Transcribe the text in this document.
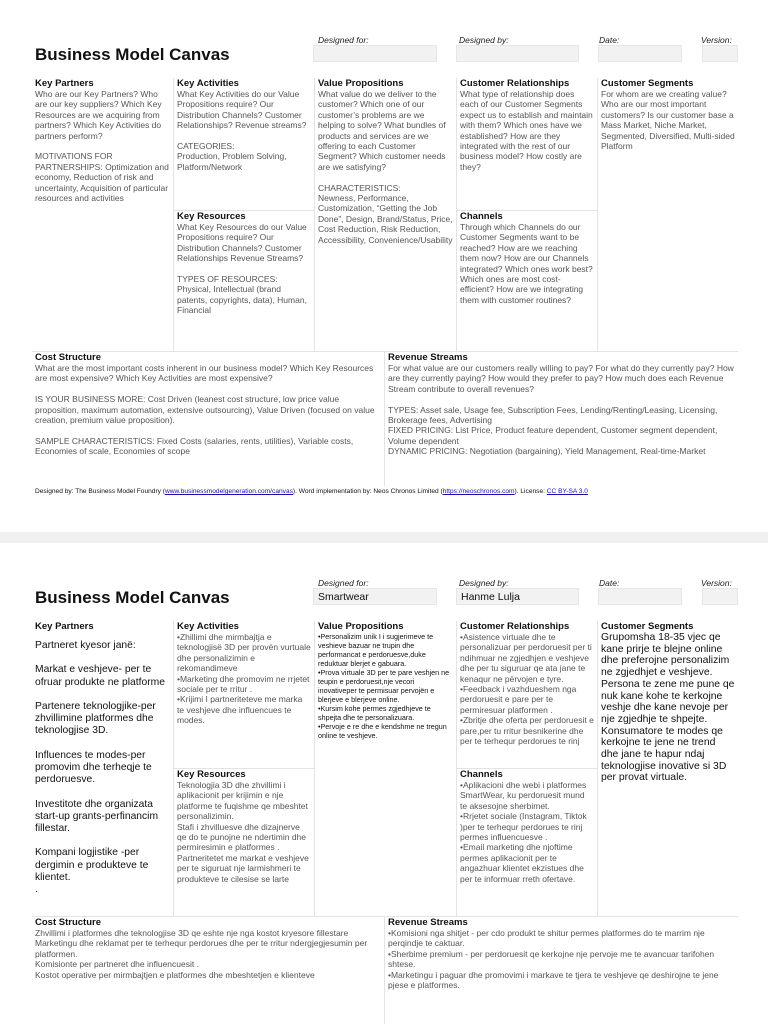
Business Model Canvas
Designed for:	Designed by:	Date:	Version:
Key Partners
Who are our Key Partners? Who are our key suppliers? Which Key Resources are we acquiring from partners? Which Key Activities do partners perform?

MOTIVATIONS FOR PARTNERSHIPS: Optimization and economy, Reduction of risk and uncertainty, Acquisition of particular resources and activities
Key Activities
What Key Activities do our Value Propositions require? Our Distribution Channels? Customer Relationships? Revenue streams?

CATEGORIES:
Production, Problem Solving, Platform/Network
Key Resources
What Key Resources do our Value Propositions require? Our Distribution Channels? Customer Relationships Revenue Streams?

TYPES OF RESOURCES:
Physical, Intellectual (brand patents, copyrights, data), Human, Financial
Value Propositions
What value do we deliver to the customer? Which one of our customer’s problems are we helping to solve? What bundles of products and services are we offering to each Customer Segment? Which customer needs are we satisfying?

CHARACTERISTICS:
Newness, Performance, Customization, “Getting the Job Done”, Design, Brand/Status, Price, Cost Reduction, Risk Reduction, Accessibility, Convenience/Usability
Customer Relationships
What type of relationship does each of our Customer Segments expect us to establish and maintain with them? Which ones have we established? How are they integrated with the rest of our business model? How costly are they?
Channels
Through which Channels do our Customer Segments want to be reached? How are we reaching them now? How are our Channels integrated? Which ones work best? Which ones are most cost-efficient? How are we integrating them with customer routines?
Customer Segments
For whom are we creating value? Who are our most important customers? Is our customer base a Mass Market, Niche Market, Segmented, Diversified, Multi-sided Platform
Cost Structure
What are the most important costs inherent in our business model? Which Key Resources are most expensive? Which Key Activities are most expensive?

IS YOUR BUSINESS MORE: Cost Driven (leanest cost structure, low price value proposition, maximum automation, extensive outsourcing), Value Driven (focused on value creation, premium value proposition).

SAMPLE CHARACTERISTICS: Fixed Costs (salaries, rents, utilities), Variable costs, Economies of scale, Economies of scope
Revenue Streams
For what value are our customers really willing to pay? For what do they currently pay? How are they currently paying? How would they prefer to pay? How much does each Revenue Stream contribute to overall revenues?

TYPES: Asset sale, Usage fee, Subscription Fees, Lending/Renting/Leasing, Licensing, Brokerage fees, Advertising
FIXED PRICING: List Price, Product feature dependent, Customer segment dependent, Volume dependent
DYNAMIC PRICING: Negotiation (bargaining), Yield Management, Real-time-Market
Designed by: The Business Model Foundry (www.businessmodelgeneration.com/canvas). Word implementation by: Neos Chronos Limited (https://neoschronos.com). License: CC BY-SA 3.0
Business Model Canvas
Designed for:
Smartwear
Designed by:
Hanme Lulja
Date:	Version:
Key Partners
Partneret kyesor janë:

Markat e veshjeve- per te ofruar produkte ne platforme

Partenere teknologjike-per zhvillimine platformes dhe teknologjise 3D.

Influences te modes-per promovim dhe terheqje te perdoruesve.

Investitote dhe organizata start-up grants-perfinancim fillestar.

Kompani logjistike -per dergimin e produkteve te klientet.
.
Key Activities
•Zhillimi dhe mirmbajtja e teknologjisë 3D per provën vurtuale dhe personalizimin e rekomandimeve
•Marketing dhe promovim ne rrjetet sociale per te rritur .
•Krijimi I partneriteteve me marka te veshjeve dhe influencues te modes.
Key Resources
Teknologjia 3D dhe zhvillimi i aplikacionit per krijimin e nje platforme te fuqishme qe mbeshtet personalizimin.
Stafi i zhvilluesve dhe dizajnerve qe do te punojne ne ndertimin dhe permiresimin e platformes .
Partneritetet me markat e veshjeve per te siguruat nje larmishmeri te produkteve te cilesise se larte
Value Propositions
•Personalizim unik I i sugjerimeve te veshieve bazuar ne trupin dhe performancat e perdoruesve,duke reduktuar blerjet e gabuara.
•Prova virtuale 3D per te pare veshjen ne teupin e perdoruesit,nje vecori inovativeper te permisuar pervojën e blerjeve e blerjeve online.
•Kursim kohe permes zgjedhjeve te shpejta dhe te personalizuara.
•Pervoje e re dhe e kendshme ne tregun online te veshjeve.
Customer Relationships
•Asistence virtuale dhe te personalizuar per perdoruesit per ti ndihmuar ne zgjedhjen e veshjeve dhe per tu siguruar qe ata jane te kenaqur ne përvojen e tyre.
•Feedback i vazhdueshem nga perdoruesit e pare per te permiresuar platformen .
•Zbritje dhe oferta per perdoruesit e pare,per tu rritur besnikerine dhe per te terhequr perdorues te rinj
Channels
•Aplikacioni dhe webi i platformes SmartWear, ku perdoruesit mund te aksesojne sherbimet.
•Rrjetet sociale (Instagram, Tiktok )per te terhequr perdorues te rinj permes influencuesve .
•Email marketing dhe njoftime permes aplikacionit per te angazhuar klientet ekzistues dhe per te informuar rreth ofertave.
Customer Segments
Grupomsha 18-35 vjec qe kane prirje te blejne online dhe preferojne personalizim ne zgjedhjet e veshjeve.
Persona te zene me pune qe nuk kane kohe te kerkojne veshje dhe kane nevoje per nje zgjedhje te shpejte.
Konsumatore te modes qe kerkojne te jene ne trend dhe jane te hapur ndaj teknologjise inovative si 3D per provat virtuale.
Cost Structure
Zhvillimi i platformes dhe teknologjise 3D qe eshte nje nga kostot kryesore fillestare
Marketingu dhe reklamat per te terhequr perdorues dhe per te rritur ndergjegjesumin per platformen.
Komisionte per partneret dhe influencuesit .
Kostot operative per mirmbajtjen e platformes dhe mbeshtetjen e klienteve
Revenue Streams
•Komisioni nga shitjet - per cdo produkt te shitur permes platformes do te marrim nje perqindje te caktuar.
•Sherbime premium - per perdoruesit qe kerkojne nje pervoje me te avancuar tarifohen shtese.
•Marketingu i paguar dhe promovimi i markave te tjera te veshjeve qe deshirojne te jene pjese e platformes.
